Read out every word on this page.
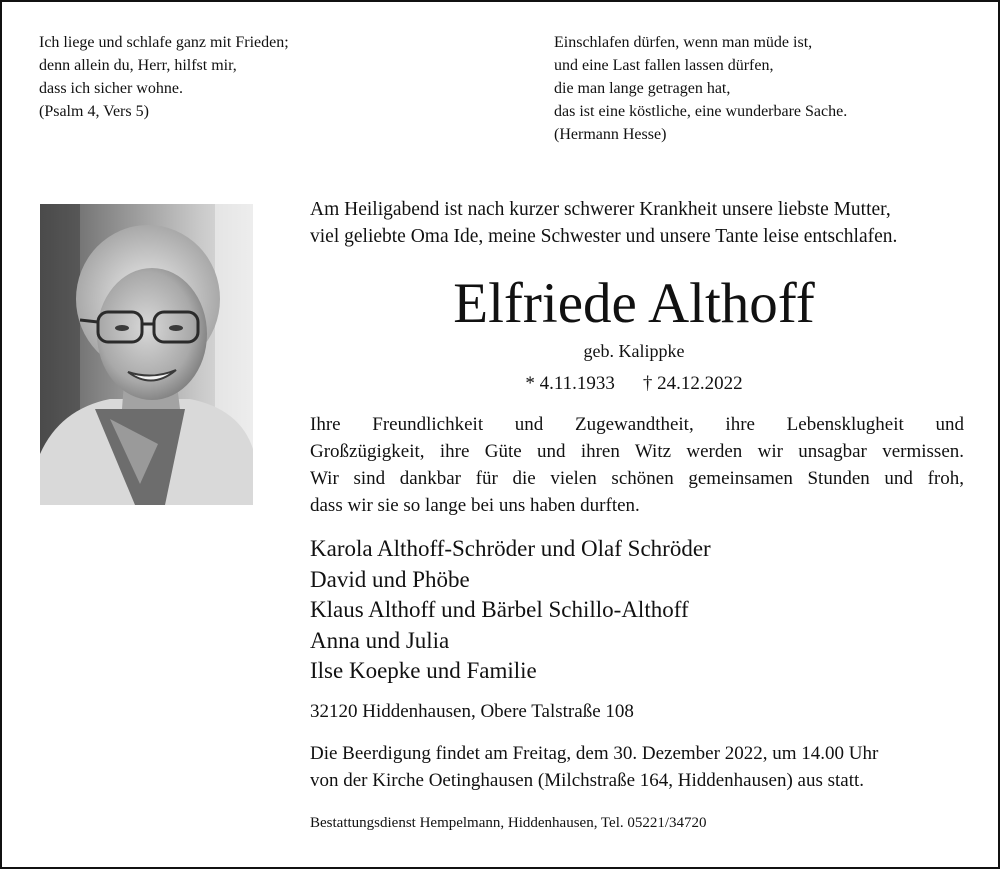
Ich liege und schlafe ganz mit Frieden;
denn allein du, Herr, hilfst mir,
dass ich sicher wohne.
(Psalm 4, Vers 5)
Einschlafen dürfen, wenn man müde ist,
und eine Last fallen lassen dürfen,
die man lange getragen hat,
das ist eine köstliche, eine wunderbare Sache.
(Hermann Hesse)
Am Heiligabend ist nach kurzer schwerer Krankheit unsere liebste Mutter,
viel geliebte Oma Ide, meine Schwester und unsere Tante leise entschlafen.
Elfriede Althoff
geb. Kalippke
* 4.11.1933 † 24.12.2022
Ihre Freundlichkeit und Zugewandtheit, ihre Lebensklugheit und
Großzügigkeit, ihre Güte und ihren Witz werden wir unsagbar vermissen.
Wir sind dankbar für die vielen schönen gemeinsamen Stunden und froh,
dass wir sie so lange bei uns haben durften.
Karola Althoff-Schröder und Olaf Schröder
David und Phöbe
Klaus Althoff und Bärbel Schillo-Althoff
Anna und Julia
Ilse Koepke und Familie
32120 Hiddenhausen, Obere Talstraße 108
Die Beerdigung findet am Freitag, dem 30. Dezember 2022, um 14.00 Uhr
von der Kirche Oetinghausen (Milchstraße 164, Hiddenhausen) aus statt.
Bestattungsdienst Hempelmann, Hiddenhausen, Tel. 05221/34720
